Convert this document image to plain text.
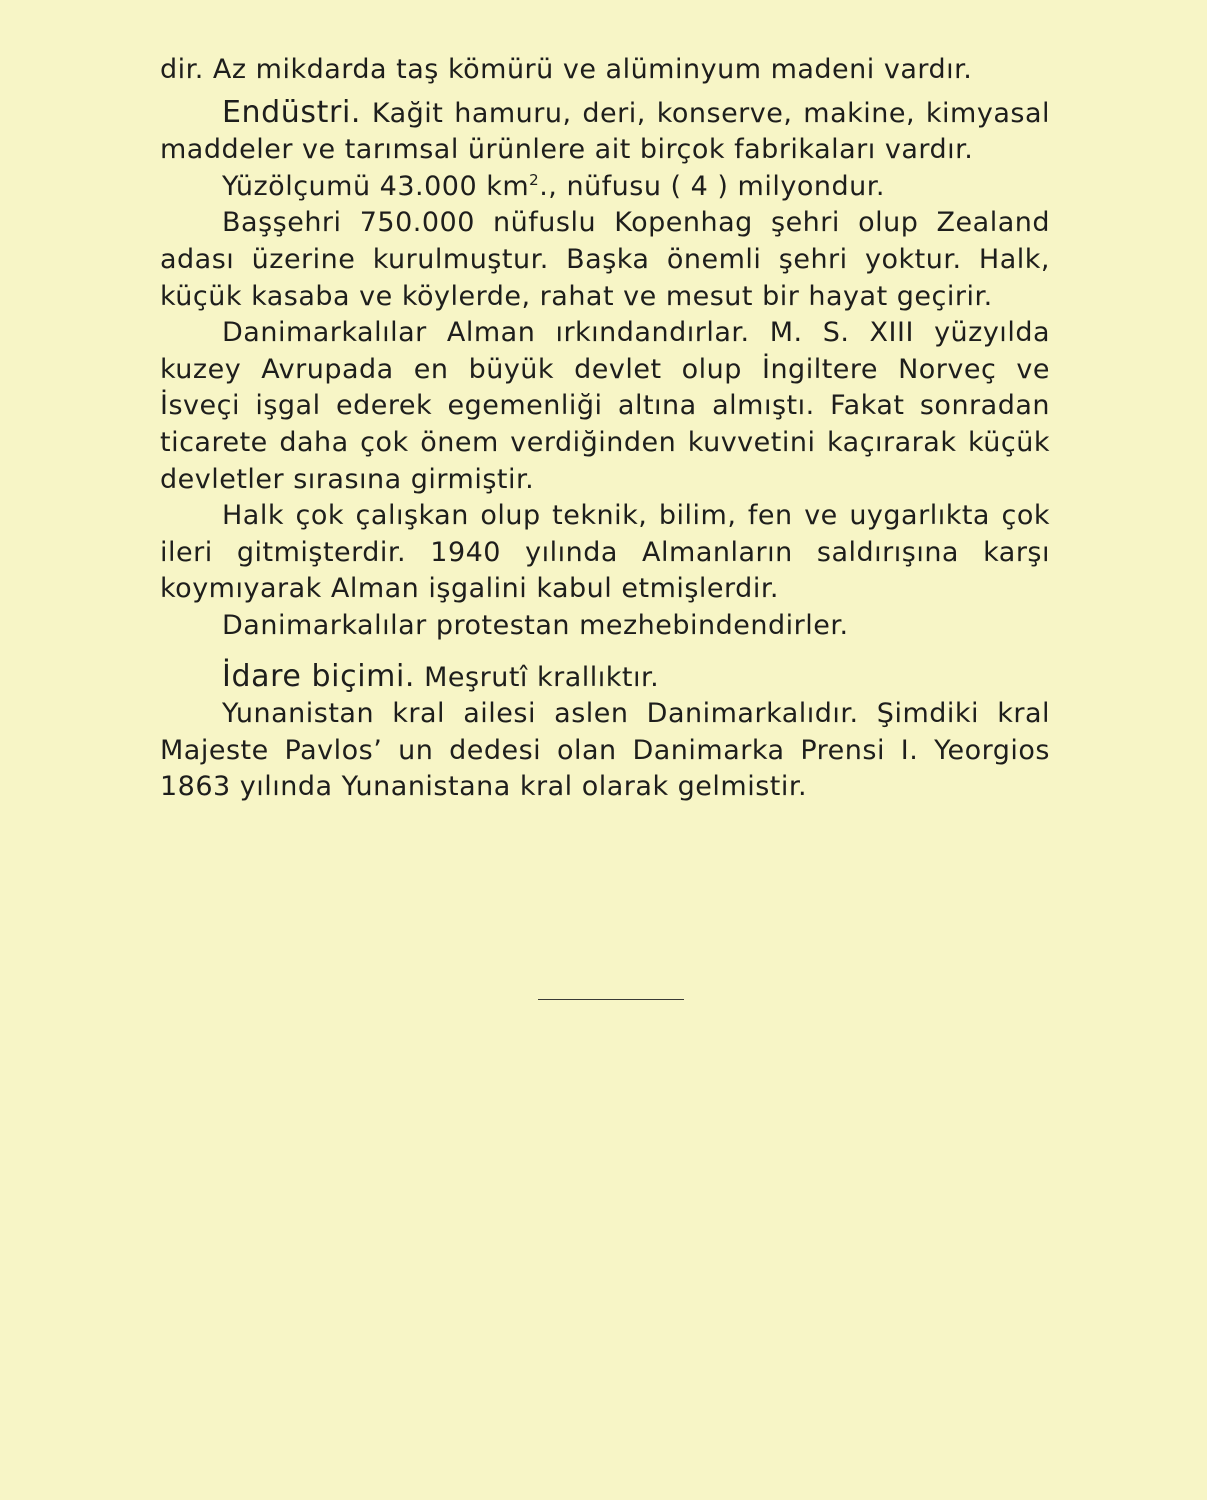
dir. Az mikdarda taş kömürü ve alüminyum madeni vardır.

Endüstri. Kağit hamuru, deri, konserve, makine, kimyasal maddeler ve tarımsal ürünlere ait birçok fabrikaları vardır.

Yüzölçumü 43.000 $km^2$., nüfusu ( 4 ) milyondur.

Başşehri 750.000 nüfuslu Kopenhag şehri olup Zealand adası üzerine kurulmuştur. Başka önemli şehri yoktur. Halk, küçük kasaba ve köylerde, rahat ve mesut bir hayat geçirir.

Danimarkalılar Alman ırkındandırlar. M. S. XIII yüzyılda kuzey Avrupada en büyük devlet olup İngiltere Norveç ve İsveçi işgal ederek egemenliği altına almıştı. Fakat sonradan ticarete daha çok önem verdiğinden kuvvetini kaçırarak küçük devletler sırasına girmiştir.

Halk çok çalışkan olup teknik, bilim, fen ve uygarlıkta çok ileri gitmişterdir. 1940 yılında Almanların saldırışına karşı koymıyarak Alman işgalini kabul etmişlerdir.

Danimarkalılar protestan mezhebindendirler.

İdare biçimi. Meşrutî krallıktır.

Yunanistan kral ailesi aslen Danimarkalıdır. Şimdiki kral Majeste Pavlos’ un dedesi olan Danimarka Prensi I. Yeorgios 1863 yılında Yunanistana kral olarak gelmistir.
